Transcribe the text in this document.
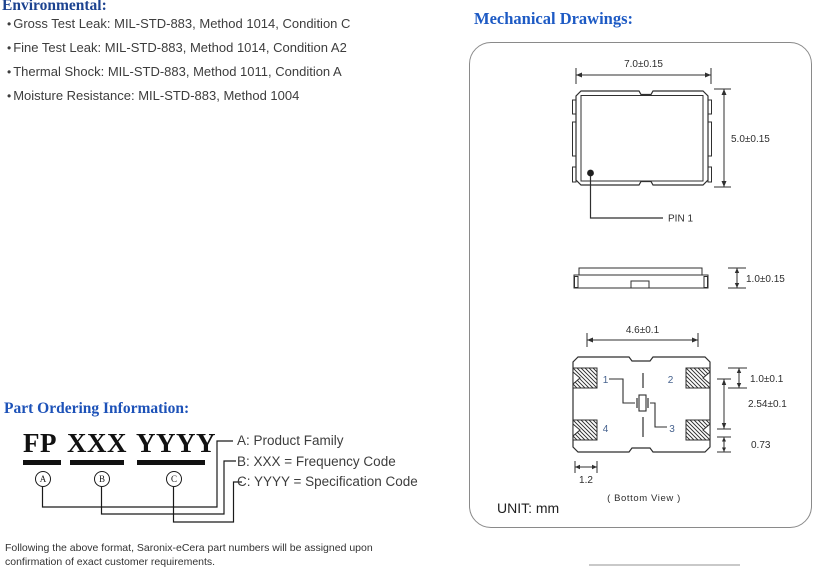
Environmental:
• Gross Test Leak: MIL-STD-883, Method 1014, Condition C
• Fine Test Leak: MIL-STD-883, Method 1014, Condition A2
• Thermal Shock: MIL-STD-883, Method 1011, Condition A
• Moisture Resistance: MIL-STD-883, Method 1004
Part Ordering Information:
FP XXX YYYY
A	B	C
A: Product Family
B: XXX = Frequency Code
C: YYYY = Specification Code
Following the above format, Saronix-eCera part numbers will be assigned upon
confirmation of exact customer requirements.
Mechanical Drawings:
7.0±0.15
5.0±0.15
PIN 1
1.0±0.15
4.6±0.1
1	2
3
4
1.0±0.1
2.54±0.1
0.73
1.2
( Bottom View )
UNIT: mm
